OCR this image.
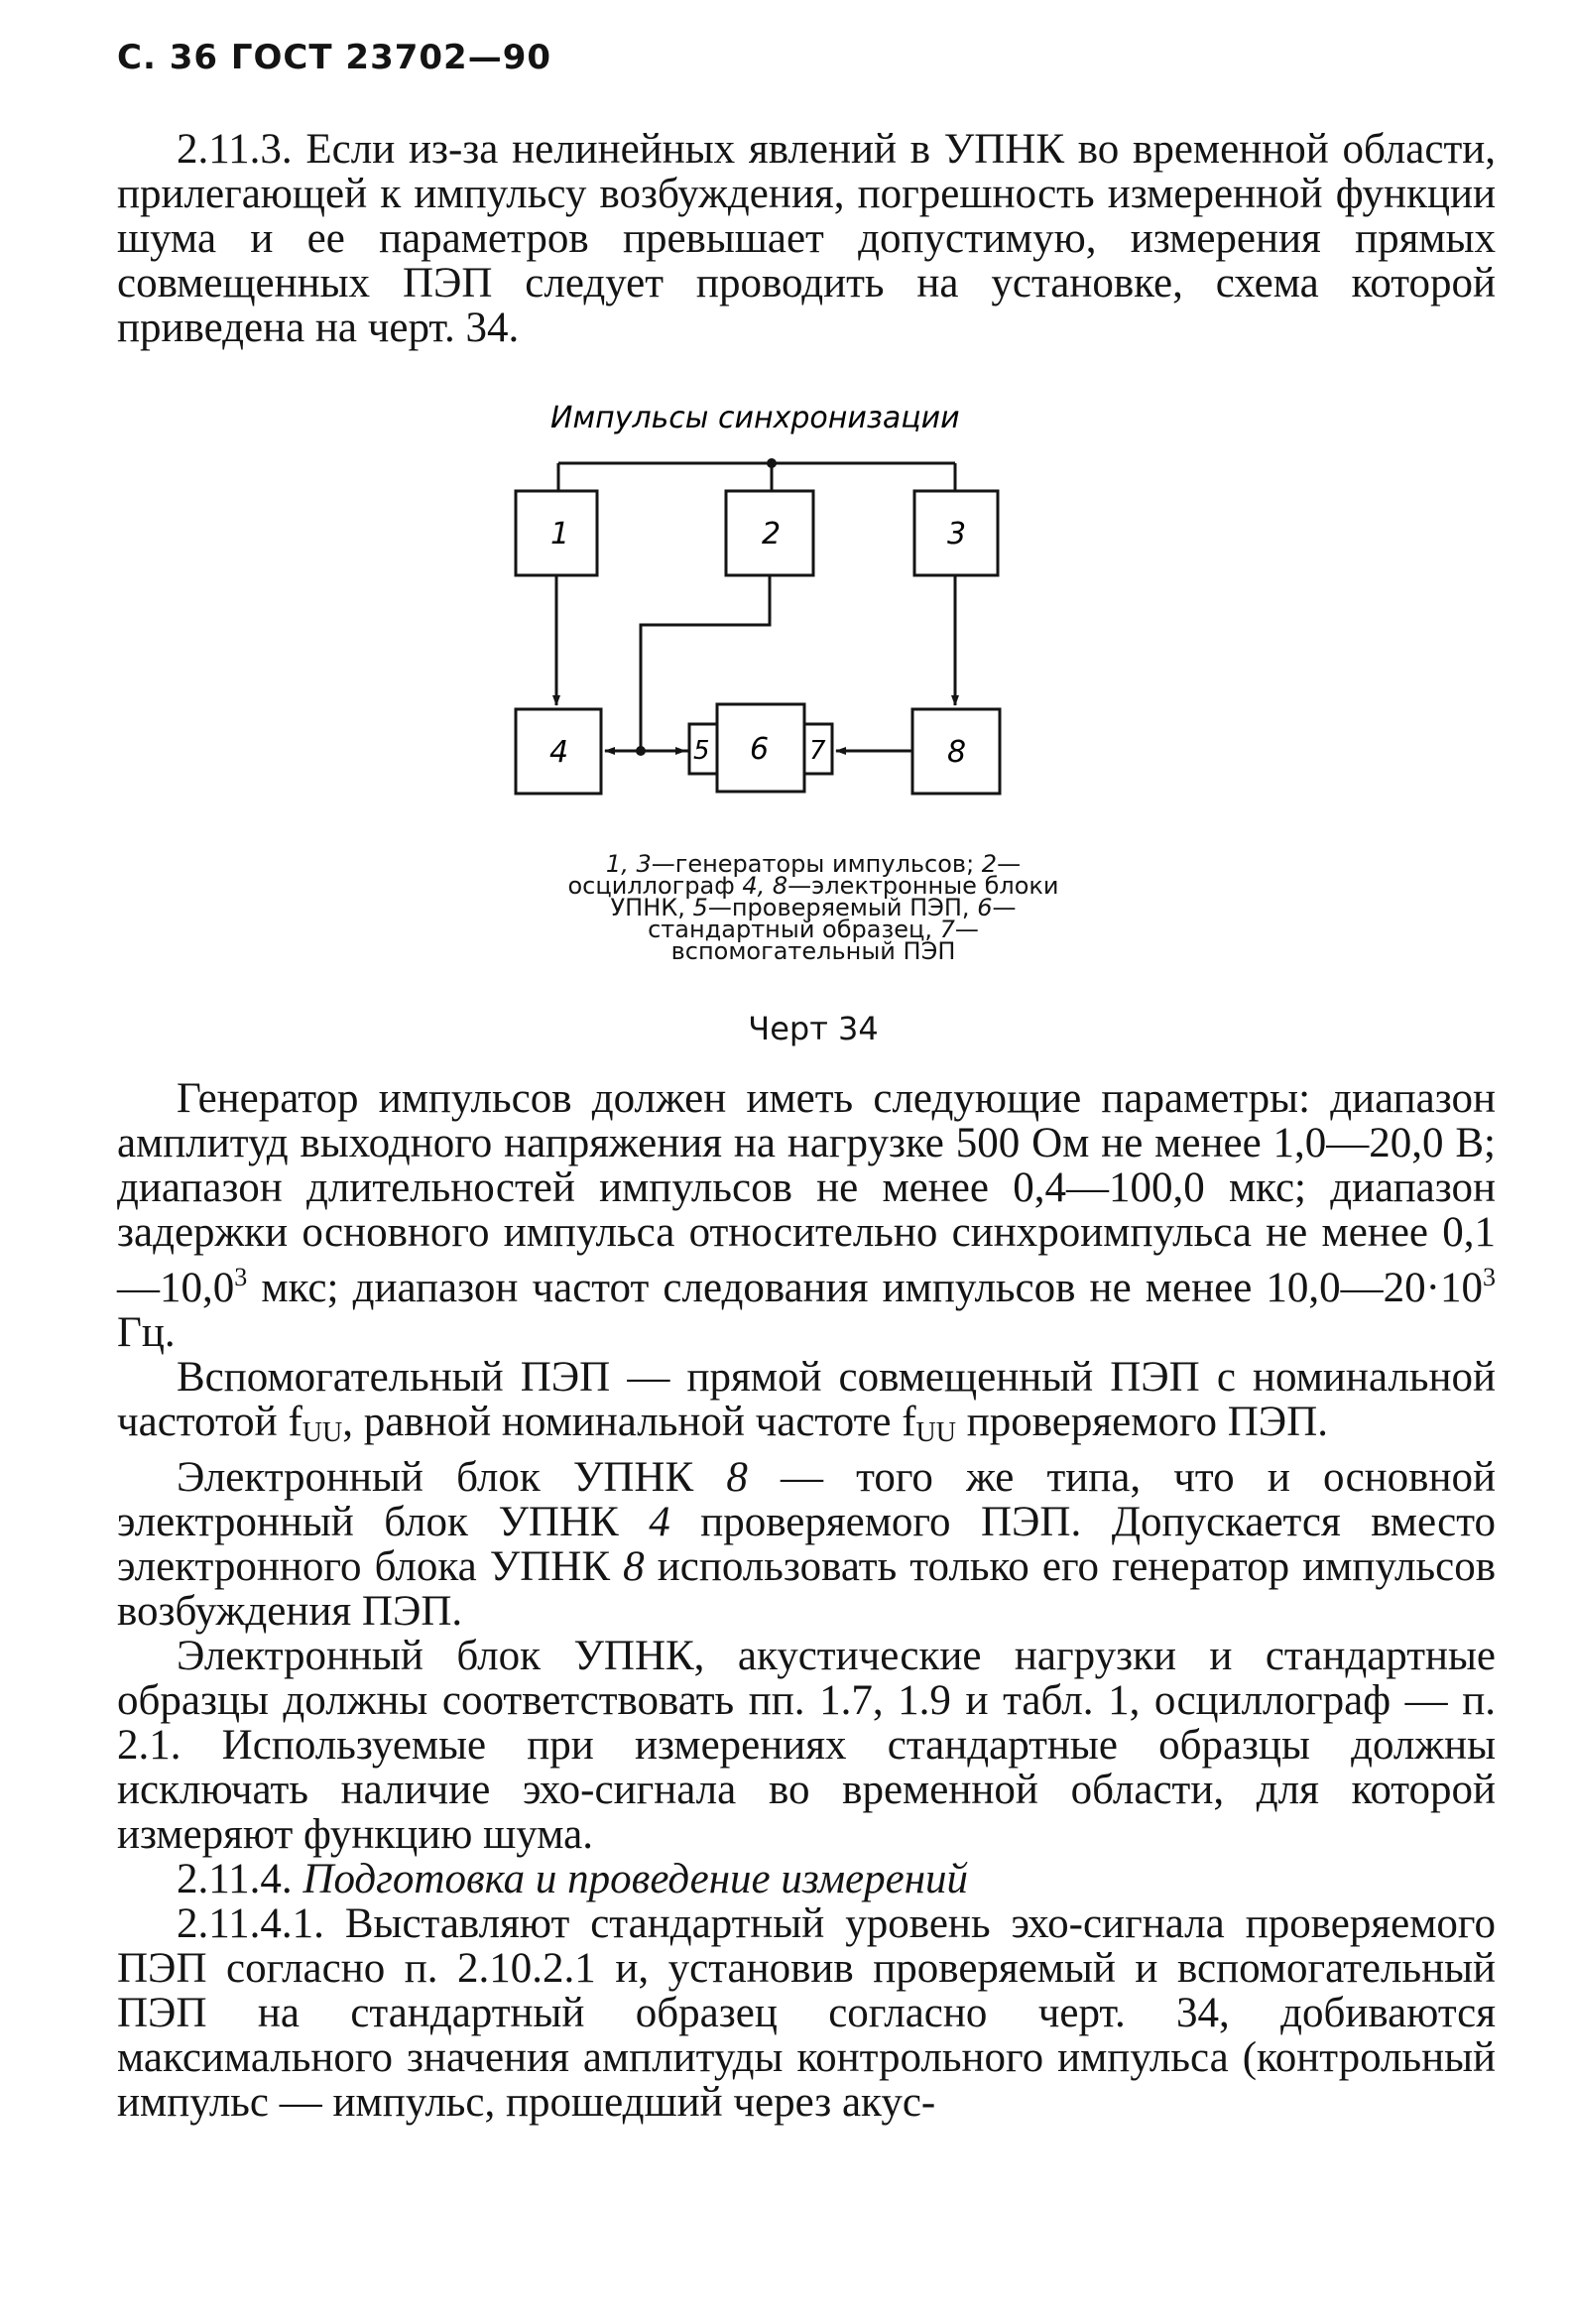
С. 36 ГОСТ 23702—90

2.11.3. Если из-за нелинейных явлений в УПНК во временной области, прилегающей к импульсу возбуждения, погрешность измеренной функции шума и ее параметров превышает допустимую, измерения прямых совмещенных ПЭП следует проводить на установке, схема которой приведена на черт. 34.

Импульсы синхронизации
1	2	3
4	5 6 7	8
1, 3—генераторы импульсов; 2—осциллограф 4, 8—электронные блоки УПНК, 5—проверяемый ПЭП, 6—стандартный образец, 7—вспомогательный ПЭП
Черт 34

Генератор импульсов должен иметь следующие параметры: диапазон амплитуд выходного напряжения на нагрузке 500 Ом не менее 1,0—20,0 В; диапазон длительностей импульсов не менее 0,4—100,0 мкс; диапазон задержки основного импульса относительно синхроимпульса не менее 0,1—10,0$^3$ мкс; диапазон частот следования импульсов не менее $10,0—20\cdot 10^3$ Гц.

Вспомогательный ПЭП — прямой совмещенный ПЭП с номинальной частотой $f_{UU}$, равной номинальной частоте $f_{UU}$ проверяемого ПЭП.

Электронный блок УПНК 8 — того же типа, что и основной электронный блок УПНК 4 проверяемого ПЭП. Допускается вместо электронного блока УПНК 8 использовать только его генератор импульсов возбуждения ПЭП.

Электронный блок УПНК, акустические нагрузки и стандартные образцы должны соответствовать пп. 1.7, 1.9 и табл. 1, осциллограф — п. 2.1. Используемые при измерениях стандартные образцы должны исключать наличие эхо-сигнала во временной области, для которой измеряют функцию шума.

2.11.4. Подготовка и проведение измерений

2.11.4.1. Выставляют стандартный уровень эхо-сигнала проверяемого ПЭП согласно п. 2.10.2.1 и, установив проверяемый и вспомогательный ПЭП на стандартный образец согласно черт. 34, добиваются максимального значения амплитуды контрольного импульса (контрольный импульс — импульс, прошедший через акус-
